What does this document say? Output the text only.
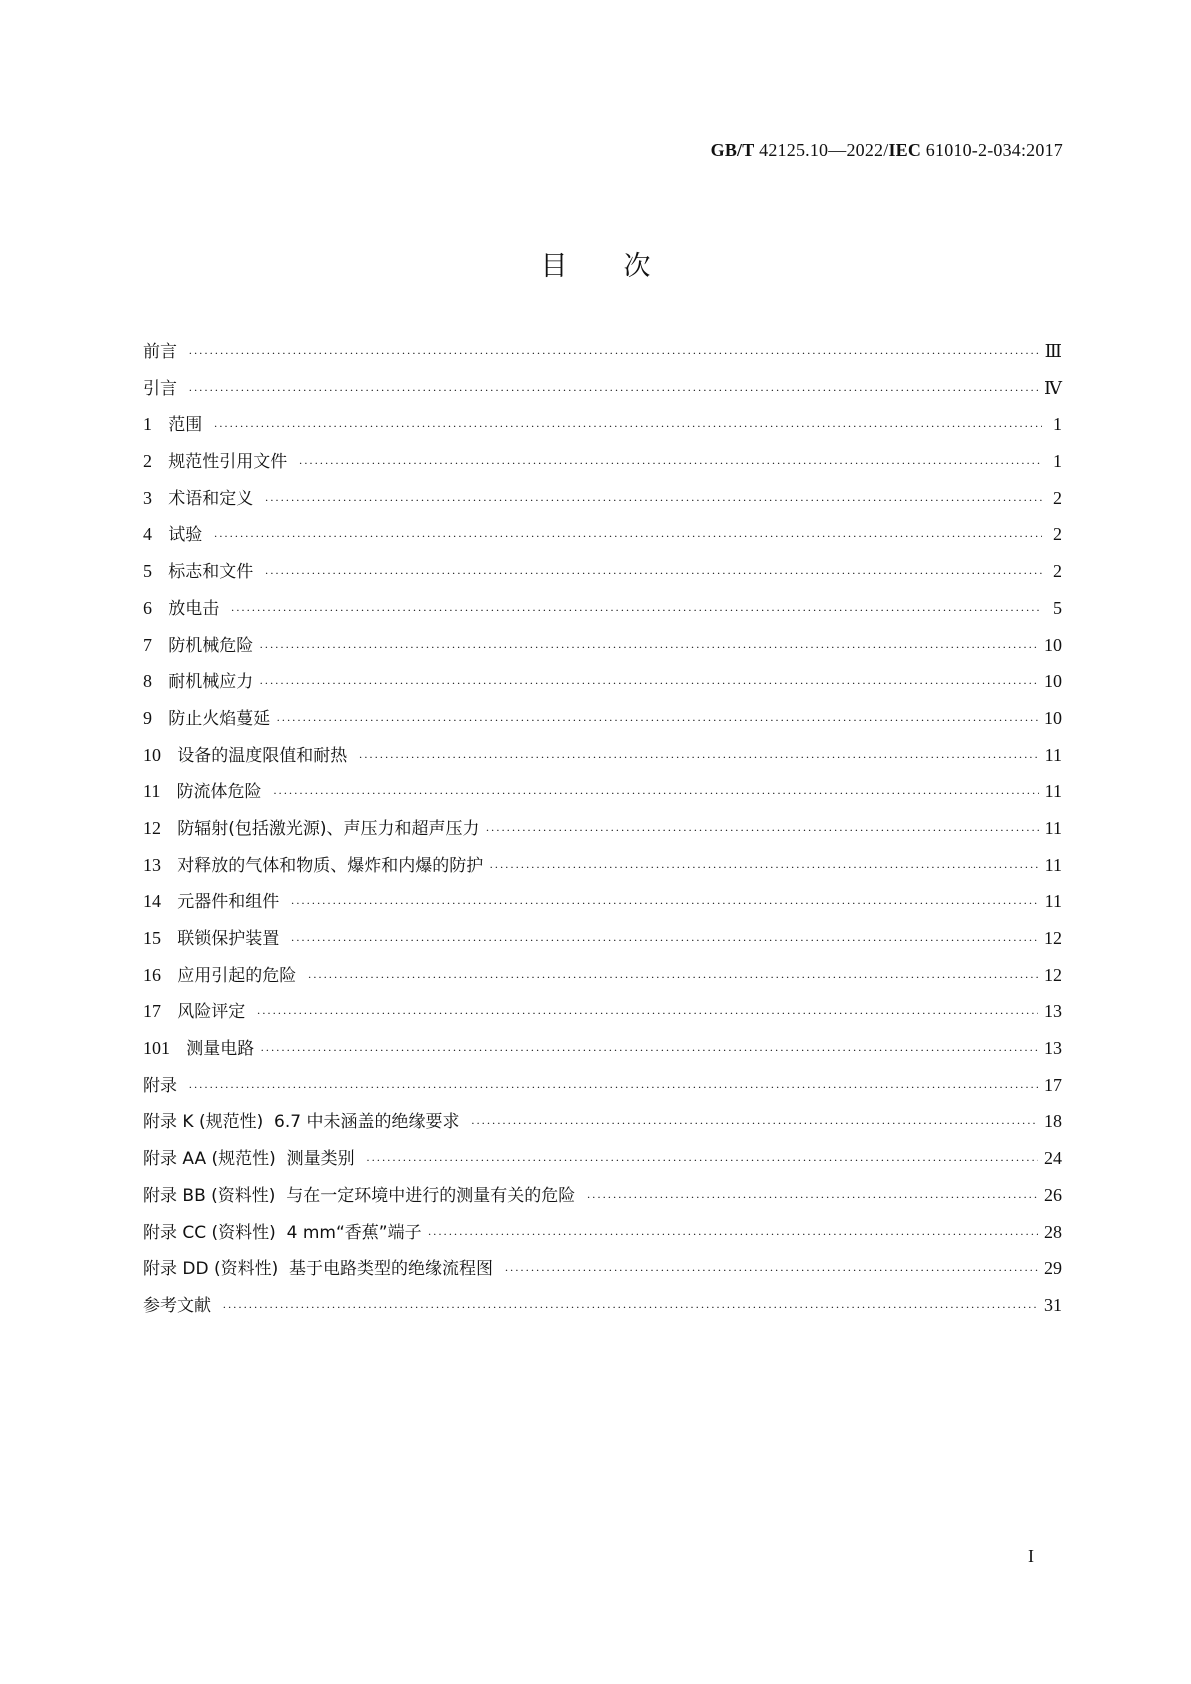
GB/T 42125.10—2022/IEC 61010-2-034:2017
目次
前言 ·····	Ⅲ
引言 ·····	Ⅳ
1 范围 ·····	1
2 规范性引用文件 ·····	1
3 术语和定义 ·····	2
4 试验 ·····	2
5 标志和文件 ·····	2
6 放电击 ·····	5
7 防机械危险 ·····	10
8 耐机械应力 ·····	10
9 防止火焰蔓延 ·····	10
10 设备的温度限值和耐热 ·····	11
11 防流体危险 ·····	11
12 防辐射(包括激光源)、声压力和超声压力 ·····	11
13 对释放的气体和物质、爆炸和内爆的防护 ·····	11
14 元器件和组件 ·····	11
15 联锁保护装置 ·····	12
16 应用引起的危险 ·····	12
17 风险评定 ·····	13
101 测量电路 ·····	13
附录 ·····	17
附录 K (规范性)  6.7 中未涵盖的绝缘要求 ·····	18
附录 AA (规范性)  测量类别 ·····	24
附录 BB (资料性)  与在一定环境中进行的测量有关的危险 ·····	26
附录 CC (资料性)  4 mm“香蕉”端子 ·····	28
附录 DD (资料性)  基于电路类型的绝缘流程图 ·····	29
参考文献 ·····	31
I
